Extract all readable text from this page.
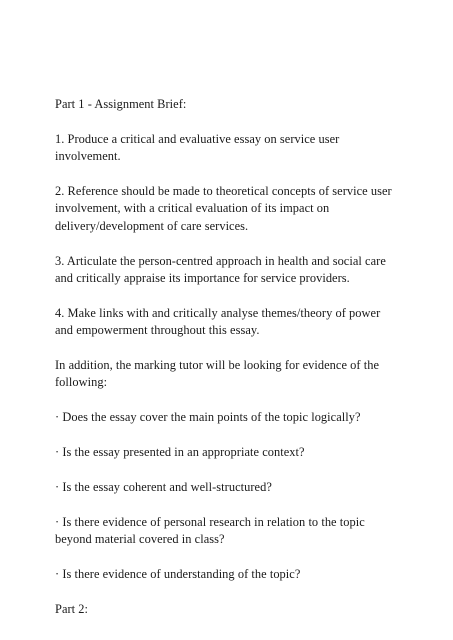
Part 1 - Assignment Brief:

1. Produce a critical and evaluative essay on service user involvement.

2. Reference should be made to theoretical concepts of service user involvement, with a critical evaluation of its impact on delivery/development of care services.

3. Articulate the person-centred approach in health and social care and critically appraise its importance for service providers.

4. Make links with and critically analyse themes/theory of power and empowerment throughout this essay.

In addition, the marking tutor will be looking for evidence of the following:

· Does the essay cover the main points of the topic logically?

· Is the essay presented in an appropriate context?

· Is the essay coherent and well-structured?

· Is there evidence of personal research in relation to the topic beyond material covered in class?

· Is there evidence of understanding of the topic?

Part 2:
